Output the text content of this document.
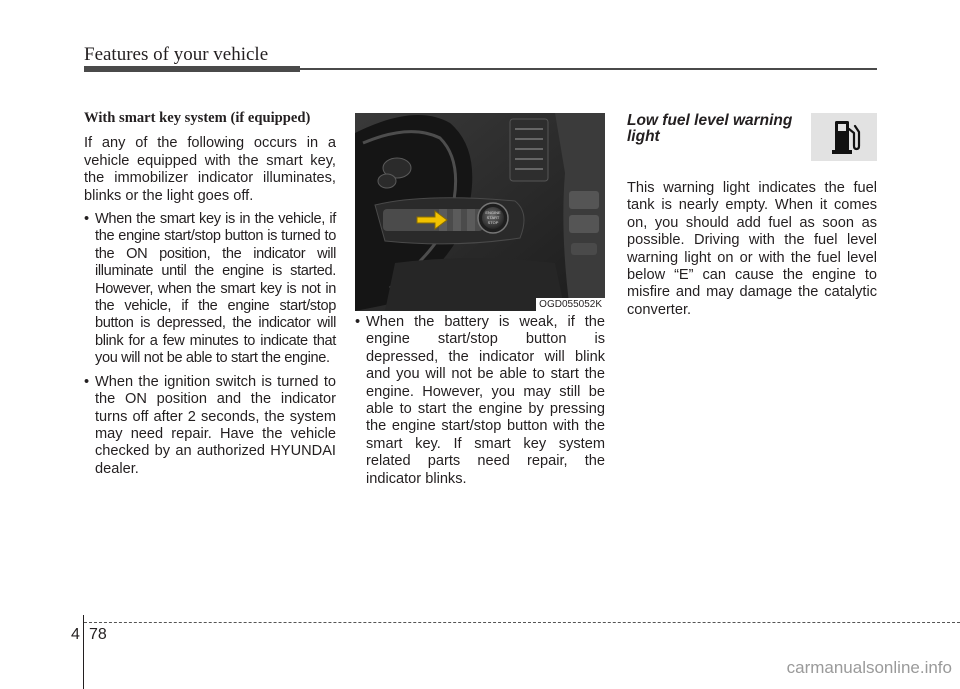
Features of your vehicle

With smart key system (if equipped)

If any of the following occurs in a vehicle equipped with the smart key, the immobilizer indicator illuminates, blinks or the light goes off.

• When the smart key is in the vehicle, if the engine start/stop button is turned to the ON position, the indicator will illuminate until the engine is started. However, when the smart key is not in the vehicle, if the engine start/stop button is depressed, the indicator will blink for a few minutes to indicate that you will not be able to start the engine.

• When the ignition switch is turned to the ON position and the indicator turns off after 2 seconds, the system may need repair. Have the vehicle checked by an authorized HYUNDAI dealer.

ENGINE
START
STOP
OGD055052K

• When the battery is weak, if the engine start/stop button is depressed, the indicator will blink and you will not be able to start the engine. However, you may still be able to start the engine by pressing the engine start/stop button with the smart key. If smart key system related parts need repair, the indicator blinks.

Low fuel level warning light

This warning light indicates the fuel tank is nearly empty. When it comes on, you should add fuel as soon as possible. Driving with the fuel level warning light on or with the fuel level below “E” can cause the engine to misfire and may damage the catalytic converter.

4 78
carmanualsonline.info
